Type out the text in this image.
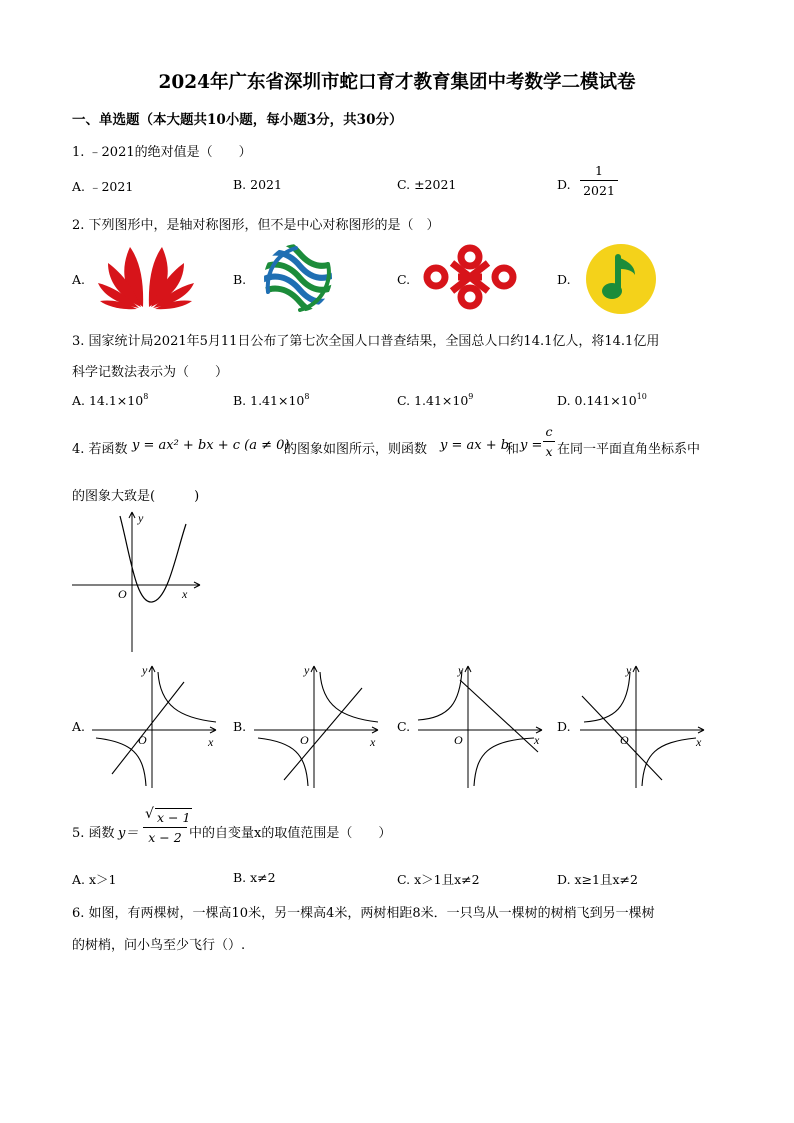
2024年广东省深圳市蛇口育才教育集团中考数学二模试卷
一、单选题（本大题共10小题，每小题3分，共30分）
1. ﹣2021的绝对值是（　　）
A. ﹣2021	B. 2021	C. ±2021	D.
1
2021
2. 下列图形中，是轴对称图形，但不是中心对称图形的是（　）
A.	B.	C.	D.
3. 国家统计局2021年5月11日公布了第七次全国人口普查结果，全国总人口约14.1亿人，将14.1亿用
科学记数法表示为（　　）
A. $14.1\times 10^8$	B. $1.41\times 10^8$	C. $1.41\times 10^9$	D. $0.141\times 10^{10}$
4. 若函数 y = ax² + bx + c (a ≠ 0)
的图象如图所示，则函数 y = ax + b
和 y =
c
x 在同一平面直角坐标系中
的图象大致是(　　　)
y
O	x
A.	B.	C.	D.
y
O	x
y
O	x
y
O	x
y
O	x
5. 函数 y＝
√ x − 1
x − 2 中的自变量x的取值范围是（　　）
A. x＞1	B. x≠2	C. x＞1且x≠2	D. x≥1且x≠2
6. 如图，有两棵树，一棵高10米，另一棵高4米，两树相距8米．一只鸟从一棵树的树梢飞到另一棵树
的树梢，问小鸟至少飞行（）.
